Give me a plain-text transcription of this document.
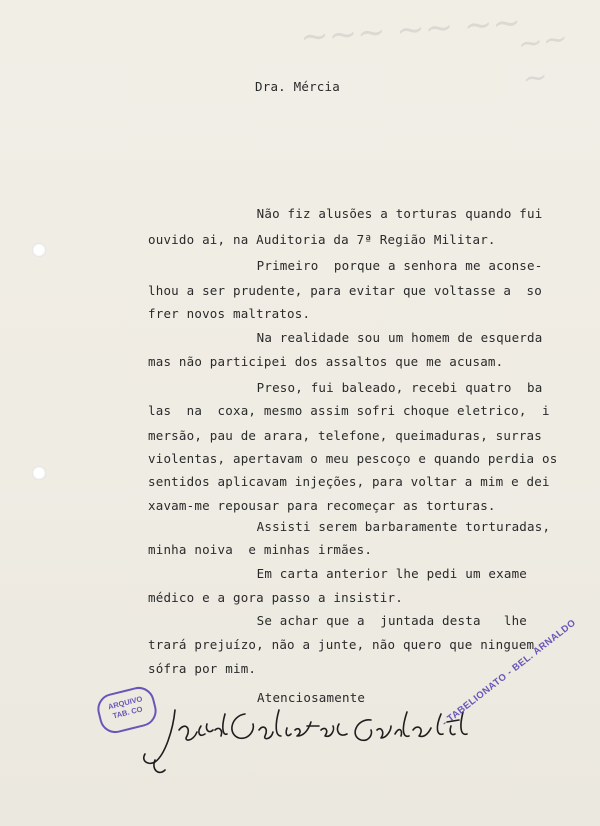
~~~ ~~ ~~
~~ ~
Dra. Mércia
Não fiz alusões a torturas quando fui
ouvido ai, na Auditoria da 7ª Região Militar.
Primeiro  porque a senhora me aconse-
lhou a ser prudente, para evitar que voltasse a  so
frer novos maltratos.
Na realidade sou um homem de esquerda
mas não participei dos assaltos que me acusam.
Preso, fui baleado, recebi quatro  ba
las  na  coxa, mesmo assim sofri choque eletrico,  i
mersão, pau de arara, telefone, queimaduras, surras
violentas, apertavam o meu pescoço e quando perdia os
sentidos aplicavam injeções, para voltar a mim e dei
xavam-me repousar para recomeçar as torturas.
Assisti serem barbaramente torturadas,
minha noiva  e minhas irmães.
Em carta anterior lhe pedi um exame
médico e a gora passo a insistir.
Se achar que a  juntada desta   lhe
trará prejuízo, não a junte, não quero que ninguem
sófra por mim.
Atenciosamente
ARQUIVO TAB. CO	- TABELIONATO - BEL. ARNALDO
